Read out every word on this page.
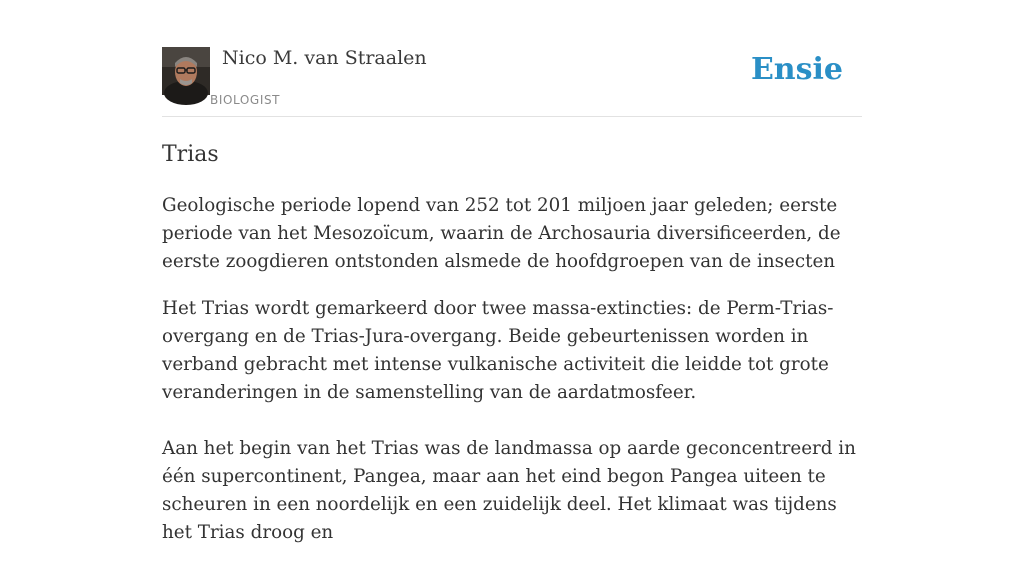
Nico M. van Straalen
BIOLOGIST
Ensie
Trias

Geologische periode lopend van 252 tot 201 miljoen jaar geleden; eerste periode van het Mesozoïcum, waarin de Archosauria diversificeerden, de eerste zoogdieren ontstonden alsmede de hoofdgroepen van de insecten

Het Trias wordt gemarkeerd door twee massa-extincties: de Perm-Trias-overgang en de Trias-Jura-overgang. Beide gebeurtenissen worden in verband gebracht met intense vulkanische activiteit die leidde tot grote veranderingen in de samenstelling van de aardatmosfeer.

Aan het begin van het Trias was de landmassa op aarde geconcentreerd in één supercontinent, Pangea, maar aan het eind begon Pangea uiteen te scheuren in een noordelijk en een zuidelijk deel. Het klimaat was tijdens het Trias droog en
